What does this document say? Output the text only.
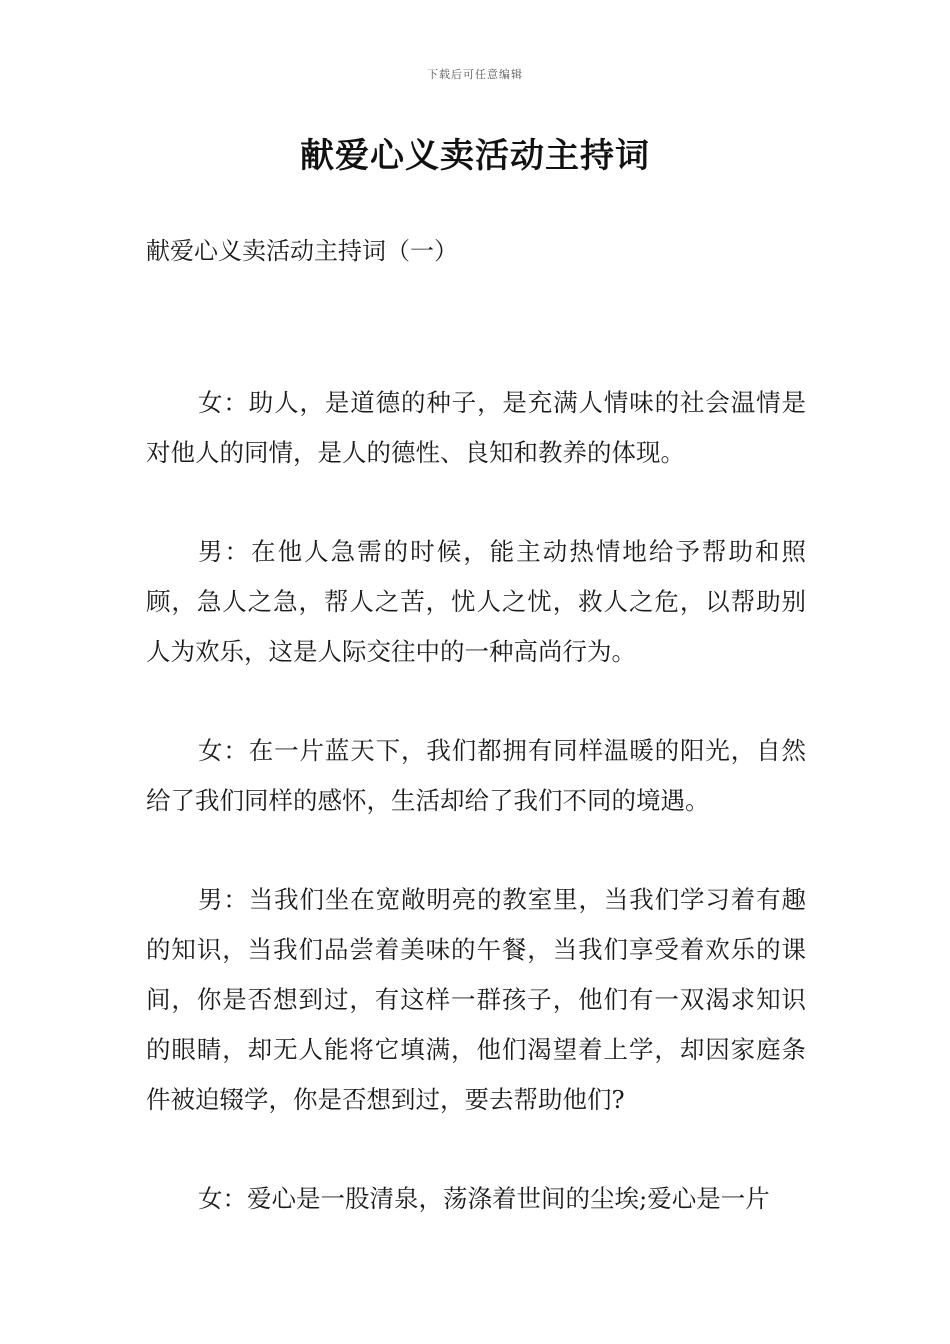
下载后可任意编辑
献爱心义卖活动主持词
献爱心义卖活动主持词（一）

女：助人，是道德的种子，是充满人情味的社会温情是对他人的同情，是人的德性、良知和教养的体现。

男：在他人急需的时候，能主动热情地给予帮助和照顾，急人之急，帮人之苦，忧人之忧，救人之危，以帮助别人为欢乐，这是人际交往中的一种高尚行为。

女：在一片蓝天下，我们都拥有同样温暖的阳光，自然给了我们同样的感怀，生活却给了我们不同的境遇。

男：当我们坐在宽敞明亮的教室里，当我们学习着有趣的知识，当我们品尝着美味的午餐，当我们享受着欢乐的课间，你是否想到过，有这样一群孩子，他们有一双渴求知识的眼睛，却无人能将它填满，他们渴望着上学，却因家庭条件被迫辍学，你是否想到过，要去帮助他们?

女：爱心是一股清泉，荡涤着世间的尘埃;爱心是一片
